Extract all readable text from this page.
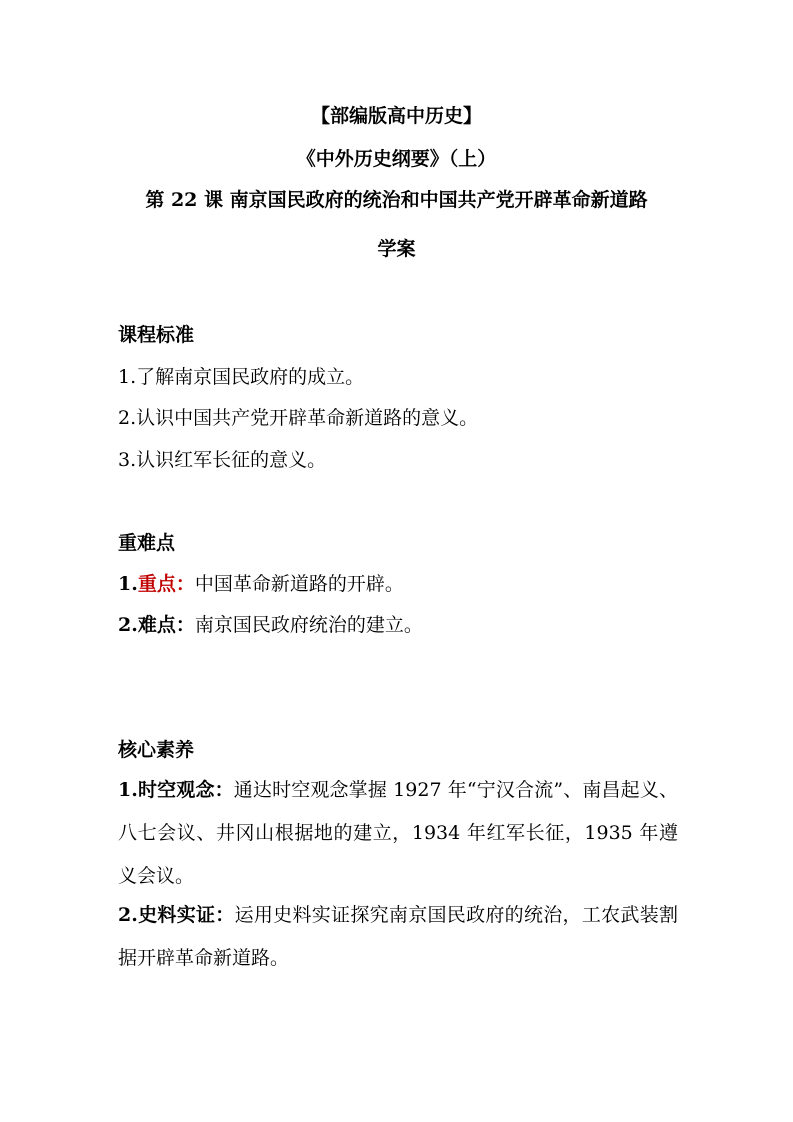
【部编版高中历史】
《中外历史纲要》（上）
第 22 课 南京国民政府的统治和中国共产党开辟革命新道路
学案
课程标准
1.了解南京国民政府的成立。
2.认识中国共产党开辟革命新道路的意义。
3.认识红军长征的意义。
重难点
1.重点：中国革命新道路的开辟。
2.难点：南京国民政府统治的建立。
核心素养
1.时空观念：通达时空观念掌握 1927 年“宁汉合流”、南昌起义、八七会议、井冈山根据地的建立，1934 年红军长征，1935 年遵义会议。
2.史料实证：运用史料实证探究南京国民政府的统治，工农武装割据开辟革命新道路。
